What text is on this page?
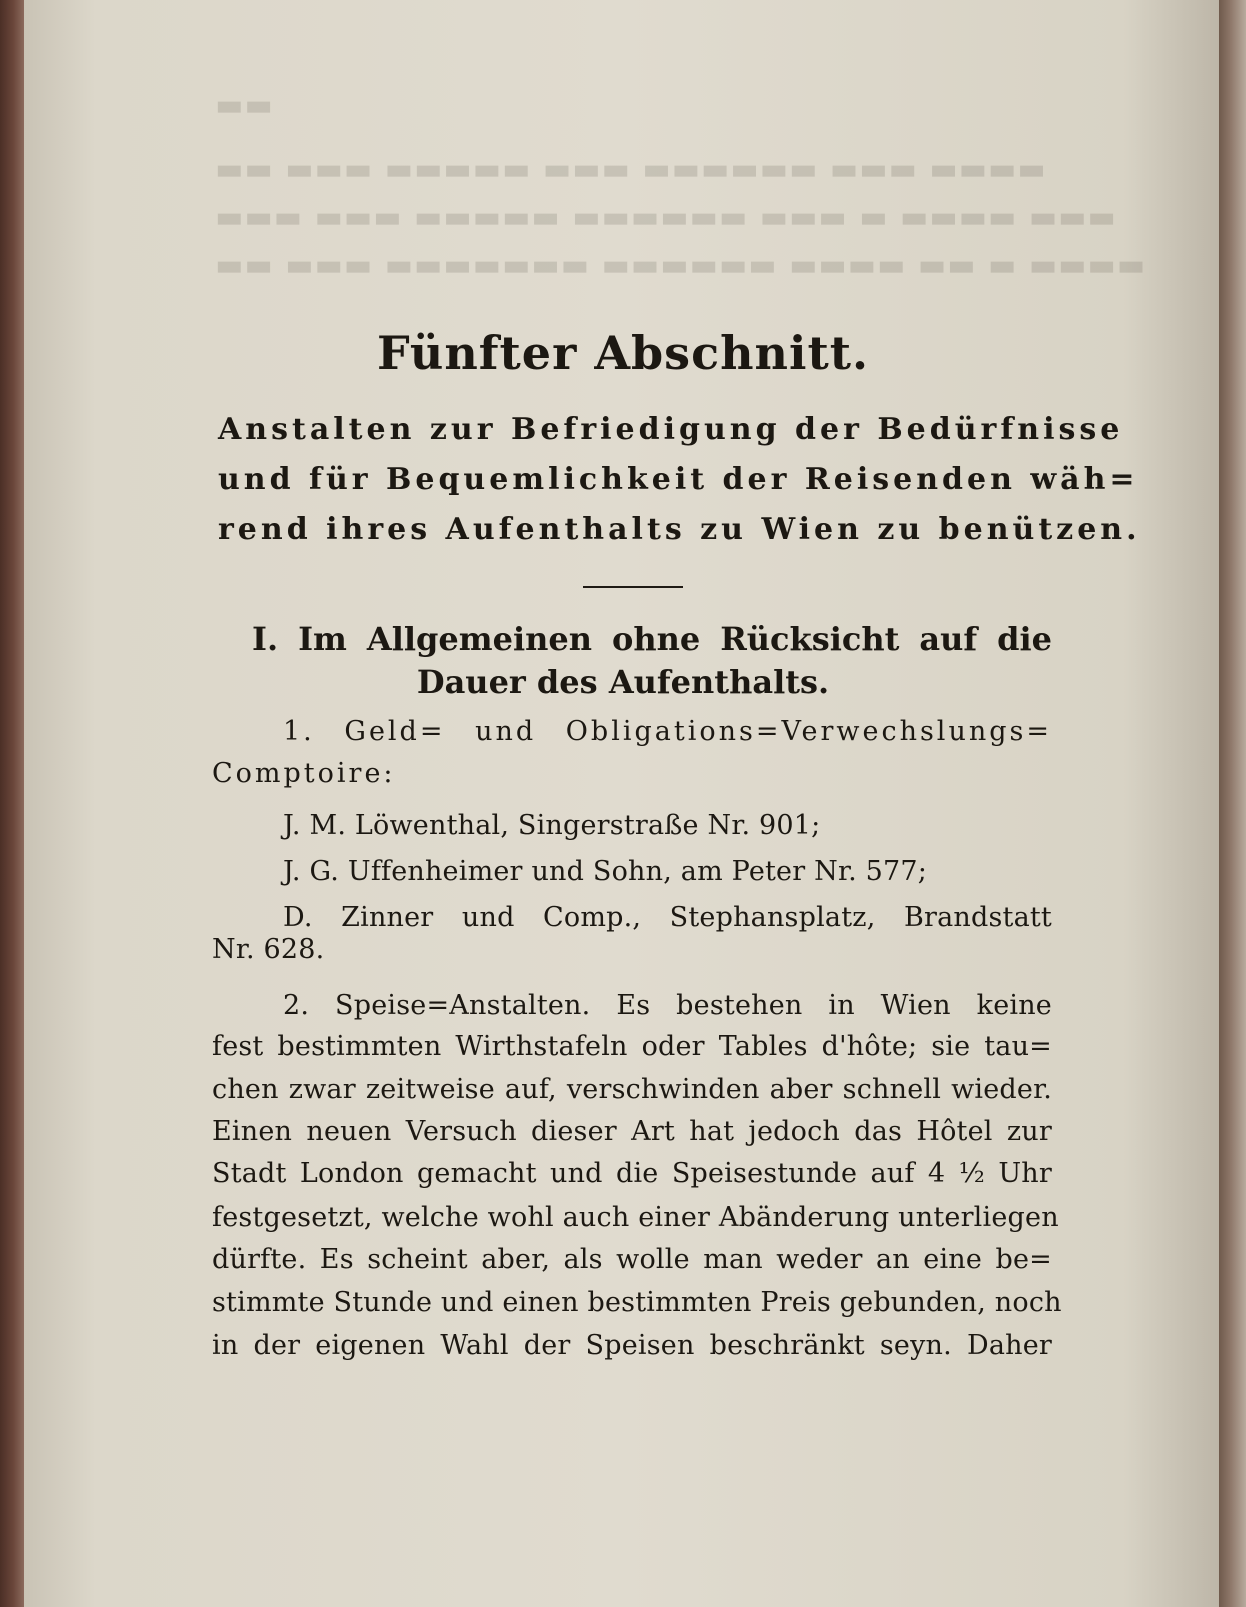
▬▬
▬▬▬▬ ▬▬▬ ▬▬▬▬▬▬ ▬▬▬ ▬▬▬▬▬ ▬▬▬ ▬▬
▬▬▬ ▬▬▬▬ ▬ ▬▬▬ ▬▬▬▬▬▬ ▬▬▬▬▬ ▬▬▬ ▬▬▬
▬▬▬▬ ▬ ▬▬ ▬▬▬▬ ▬▬▬▬▬▬ ▬▬▬▬▬▬▬ ▬▬▬ ▬▬
Fünfter Abschnitt.
Anstalten zur Befriedigung der Bedürfnisse
und für Bequemlichkeit der Reisenden wäh=
rend ihres Aufenthalts zu Wien zu benützen.
I. Im Allgemeinen ohne Rücksicht auf die
Dauer des Aufenthalts.
1. Geld= und Obligations=Verwechslungs=
Comptoire:
J. M. Löwenthal, Singerstraße Nr. 901;
J. G. Uffenheimer und Sohn, am Peter Nr. 577;
D. Zinner und Comp., Stephansplatz, Brandstatt
Nr. 628.
2. Speise=Anstalten. Es bestehen in Wien keine
fest bestimmten Wirthstafeln oder Tables d'hôte; sie tau=
chen zwar zeitweise auf, verschwinden aber schnell wieder.
Einen neuen Versuch dieser Art hat jedoch das Hôtel zur
Stadt London gemacht und die Speisestunde auf 4 ½ Uhr
festgesetzt, welche wohl auch einer Abänderung unterliegen
dürfte. Es scheint aber, als wolle man weder an eine be=
stimmte Stunde und einen bestimmten Preis gebunden, noch
in der eigenen Wahl der Speisen beschränkt seyn. Daher
